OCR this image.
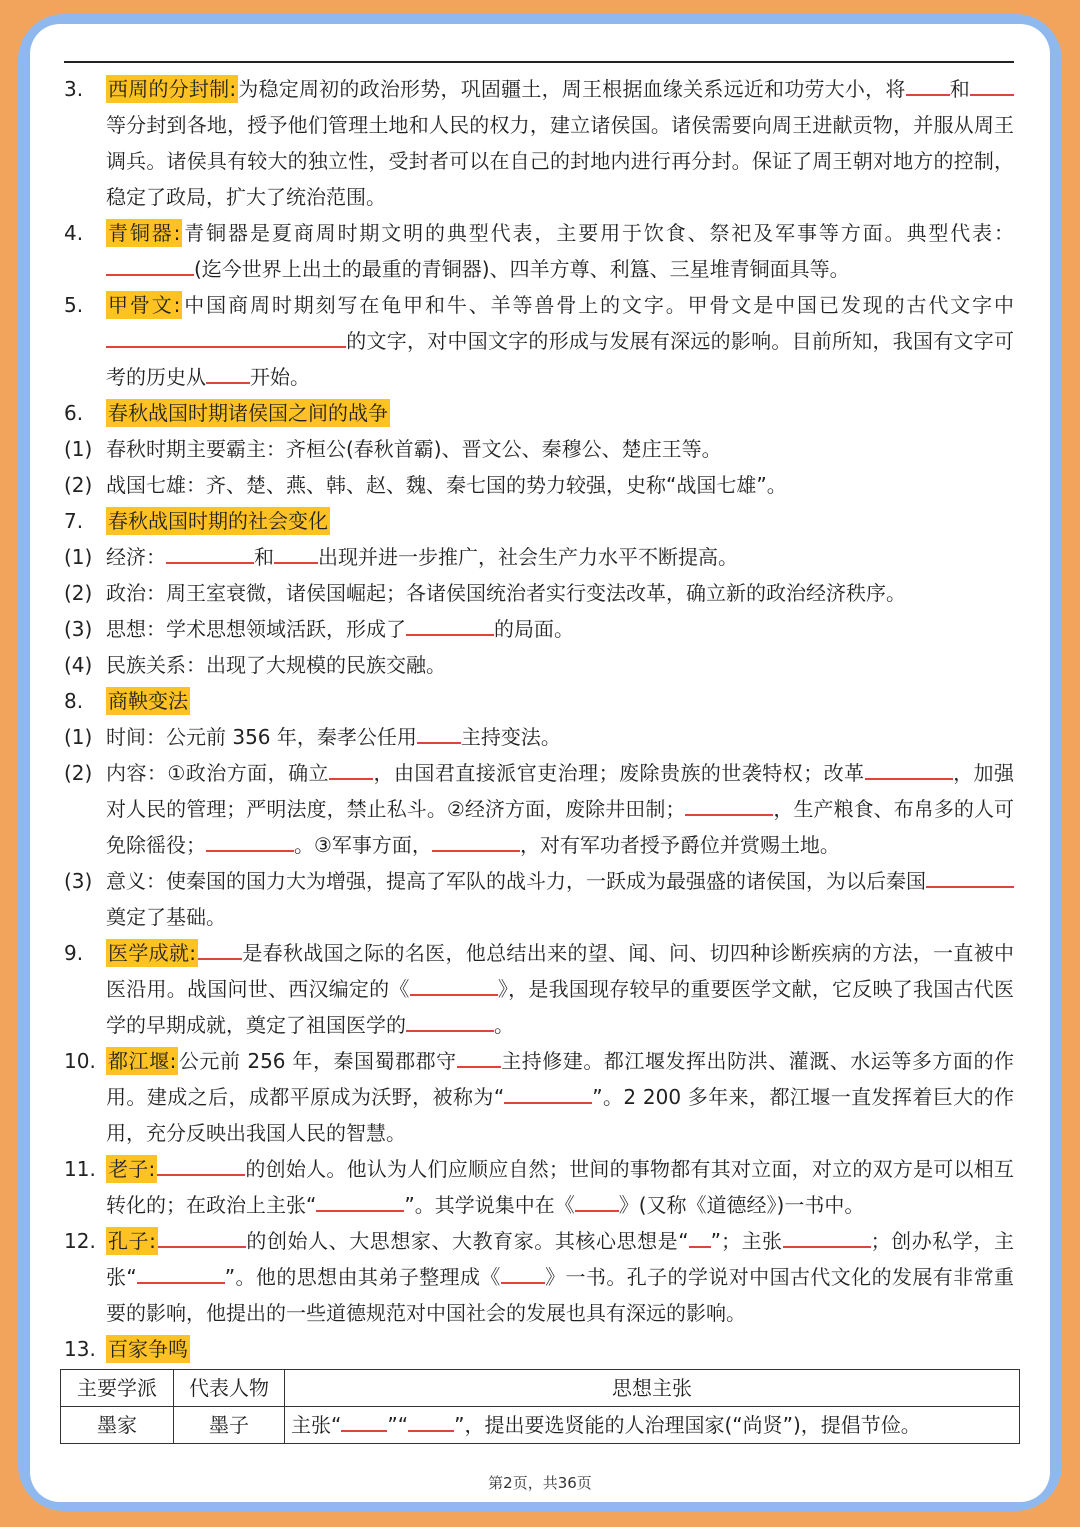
3.	西周的分封制: 为稳定周初的政治形势，巩固疆土，周王根据血缘关系远近和功劳大小，将 和等分封到各地，授予他们管理土地和人民的权力，建立诸侯国。诸侯需要向周王进献贡物，并服从周王调兵。诸侯具有较大的独立性，受封者可以在自己的封地内进行再分封。保证了周王朝对地方的控制，稳定了政局，扩大了统治范围。
4.	青铜器: 青铜器是夏商周时期文明的典型代表，主要用于饮食、祭祀及军事等方面。典型代表：(迄今世界上出土的最重的青铜器)、四羊方尊、利簋、三星堆青铜面具等。
5.	甲骨文: 中国商周时期刻写在龟甲和牛、羊等兽骨上的文字。甲骨文是中国已发现的古代文字中的文字，对中国文字的形成与发展有深远的影响。目前所知，我国有文字可考的历史从 开始。
6.	春秋战国时期诸侯国之间的战争
(1) 春秋时期主要霸主：齐桓公(春秋首霸)、晋文公、秦穆公、楚庄王等。
(2) 战国七雄：齐、楚、燕、韩、赵、魏、秦七国的势力较强，史称“战国七雄”。
7.	春秋战国时期的社会变化
(1) 经济：	和 出现并进一步推广，社会生产力水平不断提高。
(2) 政治：周王室衰微，诸侯国崛起；各诸侯国统治者实行变法改革，确立新的政治经济秩序。
(3) 思想：学术思想领域活跃，形成了	的局面。
(4) 民族关系：出现了大规模的民族交融。
8.	商鞅变法
(1) 时间：公元前 356 年，秦孝公任用 主持变法。
(2) 内容：①政治方面，确立 ，由国君直接派官吏治理；废除贵族的世袭特权；改革	，加强对人民的管理；严明法度，禁止私斗。②经济方面，废除井田制；	，生产粮食、布帛多的人可免除徭役；	。③军事方面，	，对有军功者授予爵位并赏赐土地。
(3) 意义：使秦国的国力大为增强，提高了军队的战斗力，一跃成为最强盛的诸侯国，为以后秦国奠定了基础。
9.	医学成就: 是春秋战国之际的名医，他总结出来的望、闻、问、切四种诊断疾病的方法，一直被中医沿用。战国问世、西汉编定的《	》，是我国现存较早的重要医学文献，它反映了我国古代医学的早期成就，奠定了祖国医学的	。
10. 都江堰: 公元前 256 年，秦国蜀郡郡守 主持修建。都江堰发挥出防洪、灌溉、水运等多方面的作用。建成之后，成都平原成为沃野，被称为“	”。2 200 多年来，都江堰一直发挥着巨大的作用，充分反映出我国人民的智慧。
11. 老子:	的创始人。他认为人们应顺应自然；世间的事物都有其对立面，对立的双方是可以相互转化的；在政治上主张“	”。其学说集中在《 》(又称《道德经》)一书中。
12. 孔子:	的创始人、大思想家、大教育家。其核心思想是“ ”；主张	；创办私学，主张“	”。他的思想由其弟子整理成《 》一书。孔子的学说对中国古代文化的发展有非常重要的影响，他提出的一些道德规范对中国社会的发展也具有深远的影响。
13. 百家争鸣
主要学派	代表人物	思想主张
墨家	墨子	主张“ ”“ ”，提出要选贤能的人治理国家(“尚贤”)，提倡节俭。
第2页，共36页
